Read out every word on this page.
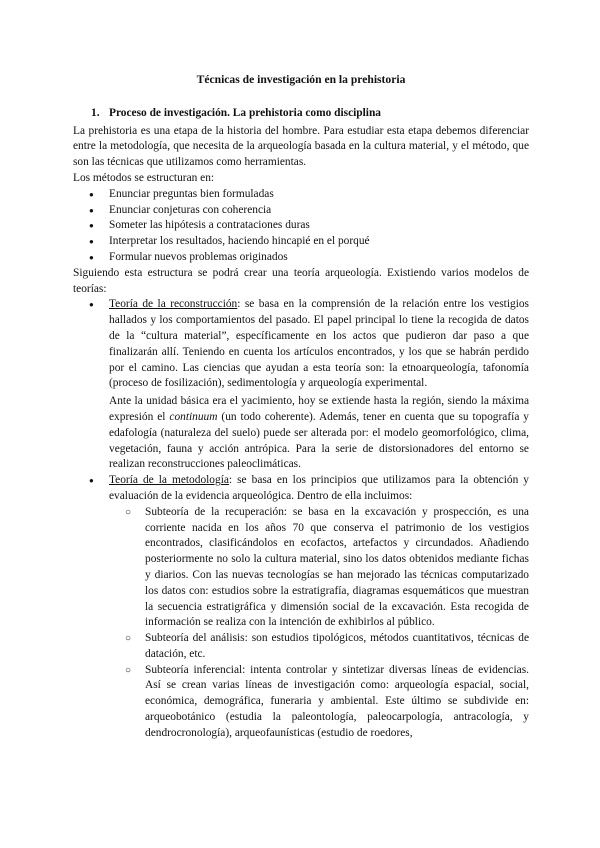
Técnicas de investigación en la prehistoria
1. Proceso de investigación. La prehistoria como disciplina

La prehistoria es una etapa de la historia del hombre. Para estudiar esta etapa debemos diferenciar entre la metodología, que necesita de la arqueología basada en la cultura material, y el método, que son las técnicas que utilizamos como herramientas.

Los métodos se estructuran en:

● Enunciar preguntas bien formuladas
● Enunciar conjeturas con coherencia
● Someter las hipótesis a contrataciones duras
● Interpretar los resultados, haciendo hincapié en el porqué
● Formular nuevos problemas originados

Siguiendo esta estructura se podrá crear una teoría arqueología. Existiendo varios modelos de teorías:

● Teoría de la reconstrucción: se basa en la comprensión de la relación entre los vestigios hallados y los comportamientos del pasado. El papel principal lo tiene la recogida de datos de la “cultura material”, específicamente en los actos que pudieron dar paso a que finalizarán allí. Teniendo en cuenta los artículos encontrados, y los que se habrán perdido por el camino. Las ciencias que ayudan a esta teoría son: la etnoarqueología, tafonomía (proceso de fosilización), sedimentología y arqueología experimental.
Ante la unidad básica era el yacimiento, hoy se extiende hasta la región, siendo la máxima expresión el continuum (un todo coherente). Además, tener en cuenta que su topografía y edafología (naturaleza del suelo) puede ser alterada por: el modelo geomorfológico, clima, vegetación, fauna y acción antrópica. Para la serie de distorsionadores del entorno se realizan reconstrucciones paleoclimáticas.
● Teoría de la metodología: se basa en los principios que utilizamos para la obtención y evaluación de la evidencia arqueológica. Dentro de ella incluimos:
○ Subteoría de la recuperación: se basa en la excavación y prospección, es una corriente nacida en los años 70 que conserva el patrimonio de los vestigios encontrados, clasificándolos en ecofactos, artefactos y circundados. Añadiendo posteriormente no solo la cultura material, sino los datos obtenidos mediante fichas y diarios. Con las nuevas tecnologías se han mejorado las técnicas computarizado los datos con: estudios sobre la estratigrafía, diagramas esquemáticos que muestran la secuencia estratigráfica y dimensión social de la excavación. Esta recogida de información se realiza con la intención de exhibirlos al público.
○ Subteoría del análisis: son estudios tipológicos, métodos cuantitativos, técnicas de datación, etc.
○ Subteoría inferencial: intenta controlar y sintetizar diversas líneas de evidencias. Así se crean varias líneas de investigación como: arqueología espacial, social, económica, demográfica, funeraria y ambiental. Este último se subdivide en: arqueobotánico (estudia la paleontología, paleocarpología, antracología, y dendrocronología), arqueofaunísticas (estudio de roedores,
